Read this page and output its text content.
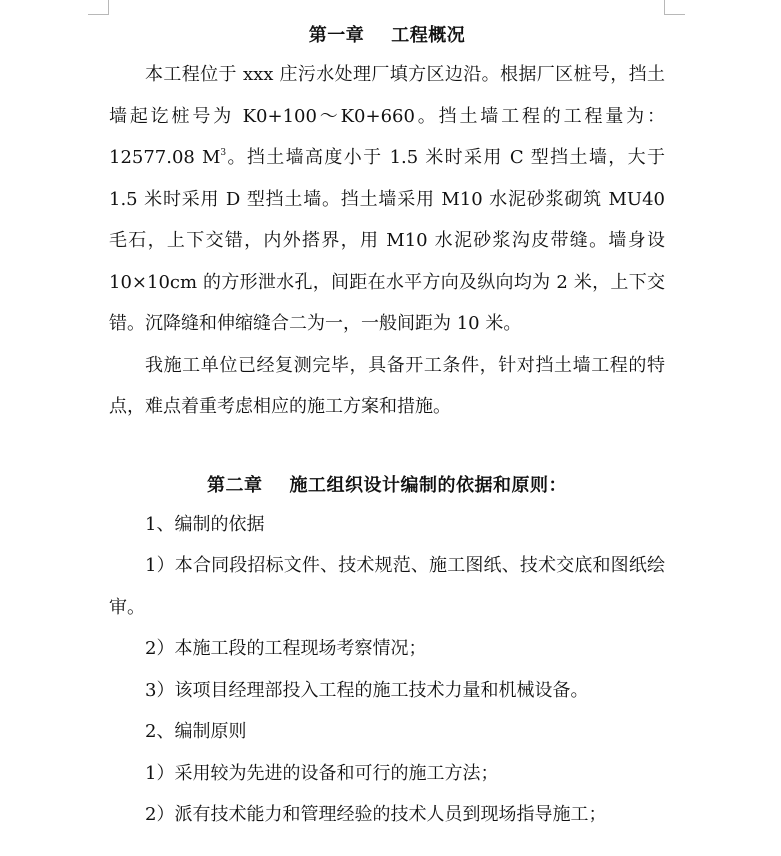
第一章    工程概况

本工程位于 xxx 庄污水处理厂填方区边沿。根据厂区桩号，挡土墙起讫桩号为 K0+100～K0+660。挡土墙工程的工程量为：12577.08 $M^3$。挡土墙高度小于 1.5 米时采用 C 型挡土墙，大于 1.5 米时采用 D 型挡土墙。挡土墙采用 M10 水泥砂浆砌筑 MU40 毛石，上下交错，内外搭界，用 M10 水泥砂浆沟皮带缝。墙身设 10×10cm 的方形泄水孔，间距在水平方向及纵向均为 2 米，上下交错。沉降缝和伸缩缝合二为一，一般间距为 10 米。

我施工单位已经复测完毕，具备开工条件，针对挡土墙工程的特点，难点着重考虑相应的施工方案和措施。

第二章    施工组织设计编制的依据和原则：

1、编制的依据

1）本合同段招标文件、技术规范、施工图纸、技术交底和图纸绘审。

2）本施工段的工程现场考察情况；

3）该项目经理部投入工程的施工技术力量和机械设备。

2、编制原则

1）采用较为先进的设备和可行的施工方法；

2）派有技术能力和管理经验的技术人员到现场指导施工；
